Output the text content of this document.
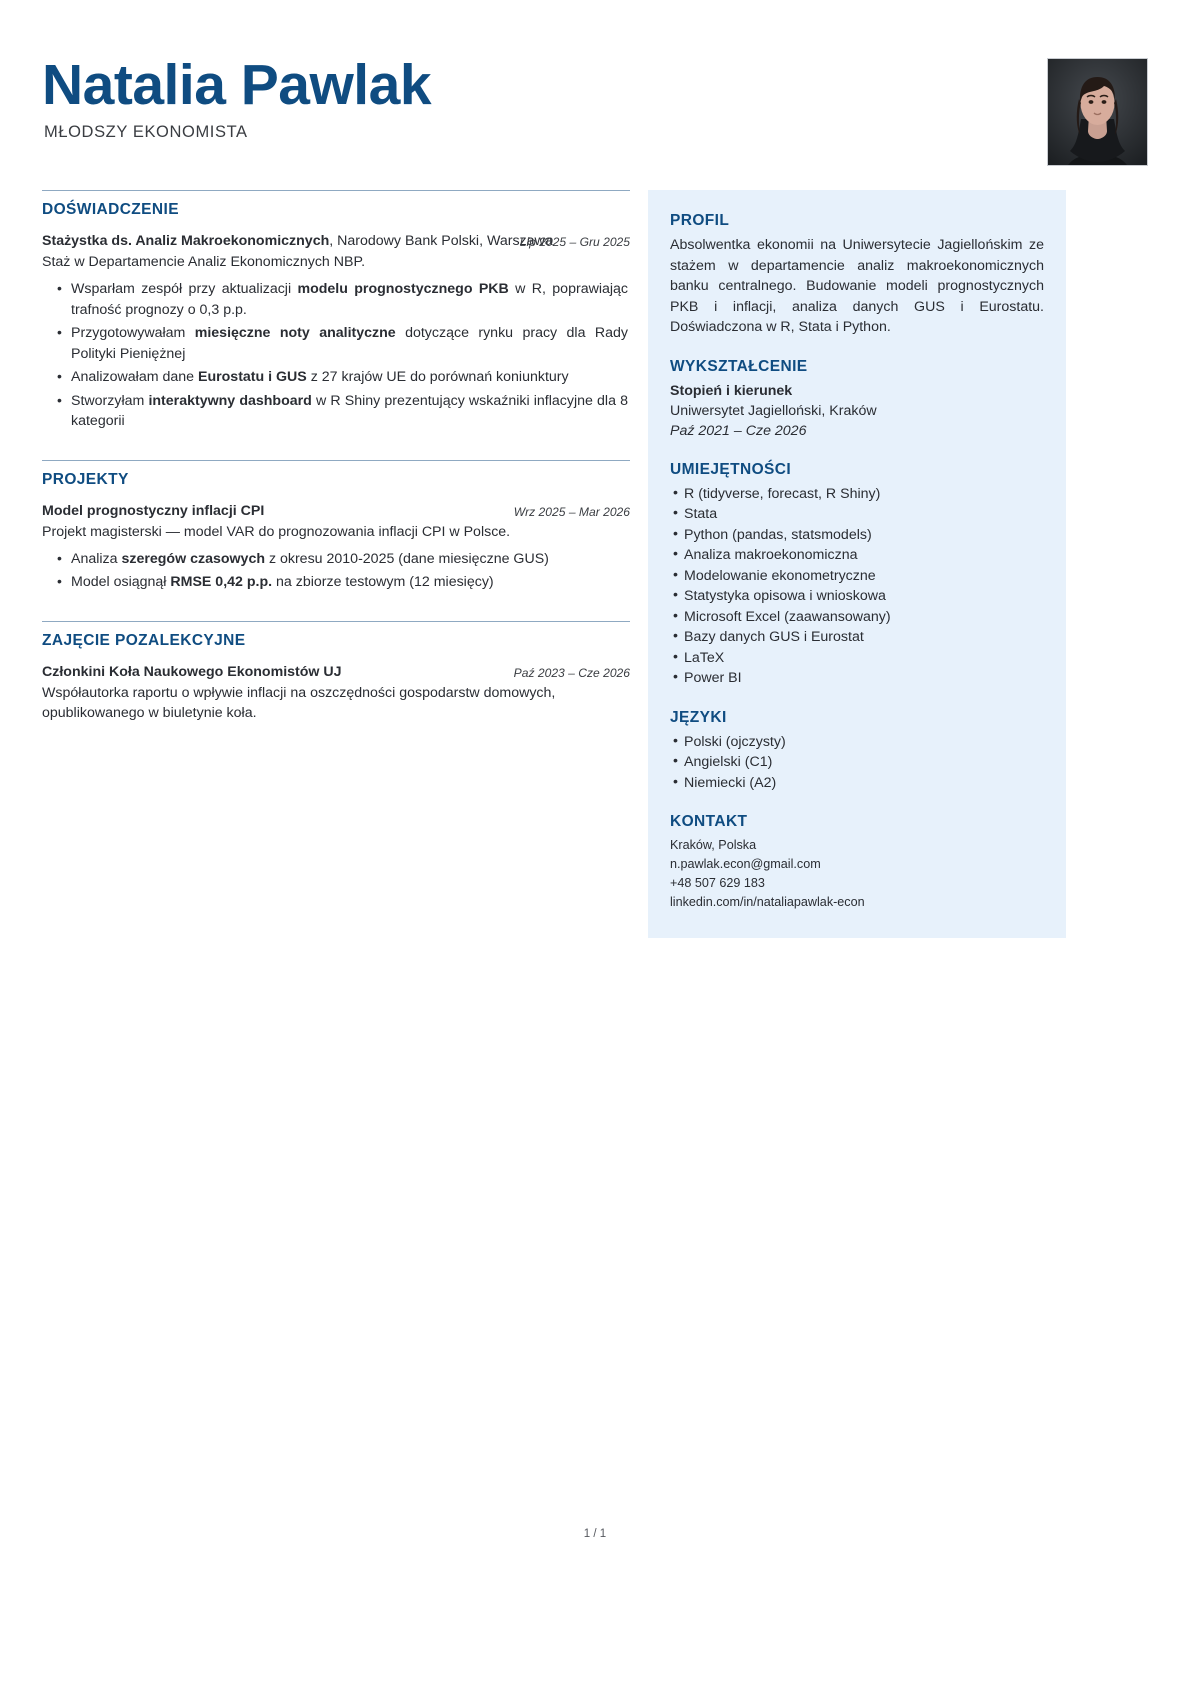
Natalia Pawlak
MŁODSZY EKONOMISTA
DOŚWIADCZENIE
Stażystka ds. Analiz Makroekonomicznych, Narodowy Bank Polski, Warszawa
Lip 2025 – Gru 2025
Staż w Departamencie Analiz Ekonomicznych NBP.
• Wsparłam zespół przy aktualizacji modelu prognostycznego PKB w R, poprawiając trafność prognozy o 0,3 p.p.
• Przygotowywałam miesięczne noty analityczne dotyczące rynku pracy dla Rady Polityki Pieniężnej
• Analizowałam dane Eurostatu i GUS z 27 krajów UE do porównań koniunktury
• Stworzyłam interaktywny dashboard w R Shiny prezentujący wskaźniki inflacyjne dla 8 kategorii
PROJEKTY
Model prognostyczny inflacji CPI	Wrz 2025 – Mar 2026
Projekt magisterski — model VAR do prognozowania inflacji CPI w Polsce.
• Analiza szeregów czasowych z okresu 2010-2025 (dane miesięczne GUS)
• Model osiągnął RMSE 0,42 p.p. na zbiorze testowym (12 miesięcy)
ZAJĘCIE POZALEKCYJNE
Członkini Koła Naukowego Ekonomistów UJ	Paź 2023 – Cze 2026
Współautorka raportu o wpływie inflacji na oszczędności gospodarstw domowych, opublikowanego w biuletynie koła.
PROFIL
Absolwentka ekonomii na Uniwersytecie Jagiellońskim ze stażem w departamencie analiz makroekonomicznych banku centralnego. Budowanie modeli prognostycznych PKB i inflacji, analiza danych GUS i Eurostatu. Doświadczona w R, Stata i Python.
WYKSZTAŁCENIE
Stopień i kierunek
Uniwersytet Jagielloński, Kraków
Paź 2021 – Cze 2026
UMIEJĘTNOŚCI
• R (tidyverse, forecast, R Shiny)
• Stata
• Python (pandas, statsmodels)
• Analiza makroekonomiczna
• Modelowanie ekonometryczne
• Statystyka opisowa i wnioskowa
• Microsoft Excel (zaawansowany)
• Bazy danych GUS i Eurostat
• LaTeX
• Power BI
JĘZYKI
• Polski (ojczysty)
• Angielski (C1)
• Niemiecki (A2)
KONTAKT
Kraków, Polska
n.pawlak.econ@gmail.com
+48 507 629 183
linkedin.com/in/nataliapawlak-econ
1 / 1
